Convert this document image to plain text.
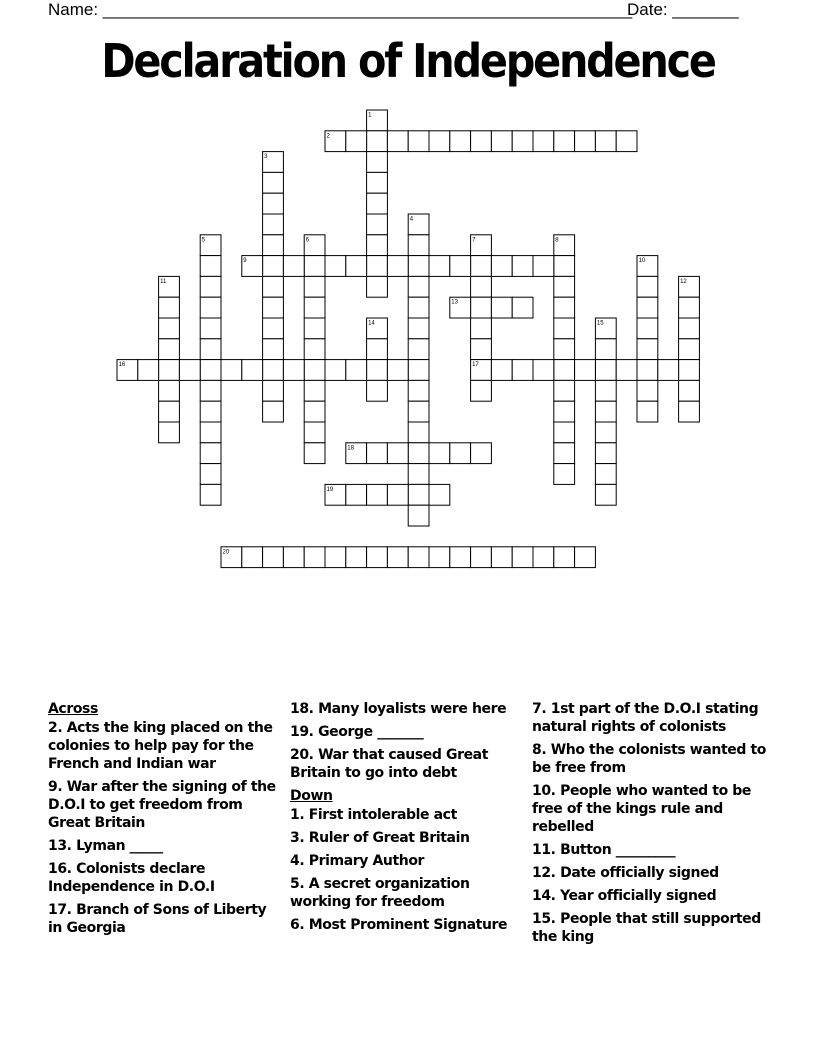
Name: ________________________________________________________
Date: _______
Declaration of Independence
1
2
3
4
5	6	7	8
9	10
11	12
13
14	15
16	17
18
19
20
Across
2. Acts the king placed on the colonies to help pay for the French and Indian war
9. War after the signing of the D.O.I to get freedom from Great Britain
13. Lyman _____
16. Colonists declare Independence in D.O.I
17. Branch of Sons of Liberty in Georgia
18. Many loyalists were here
19. George _______
20. War that caused Great Britain to go into debt
Down
1. First intolerable act
3. Ruler of Great Britain
4. Primary Author
5. A secret organization working for freedom
6. Most Prominent Signature
7. 1st part of the D.O.I stating natural rights of colonists
8. Who the colonists wanted to be free from
10. People who wanted to be free of the kings rule and rebelled
11. Button _________
12. Date officially signed
14. Year officially signed
15. People that still supported the king
